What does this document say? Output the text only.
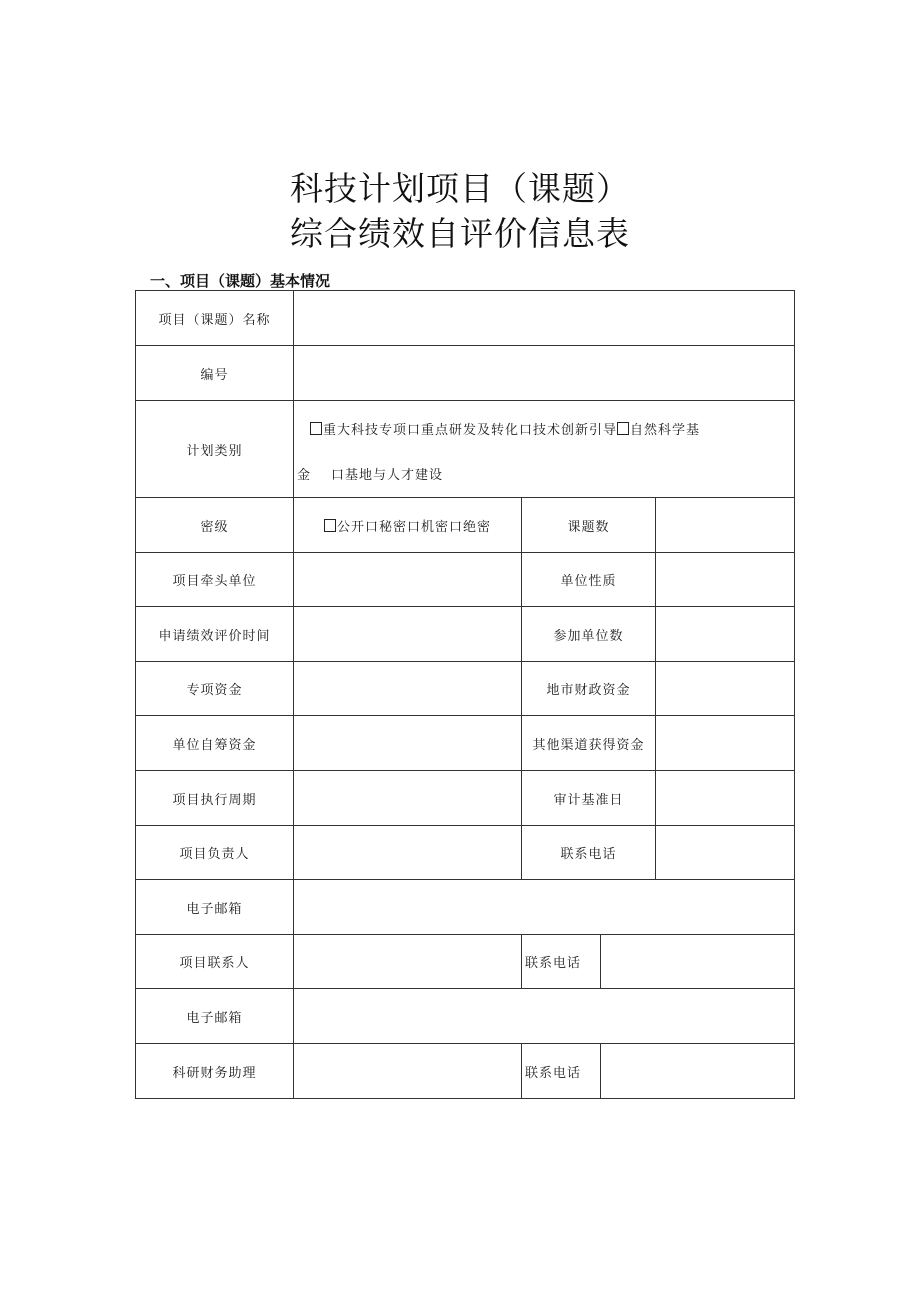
科技计划项目（课题）
综合绩效自评价信息表
一、项目（课题）基本情况
项目（课题）名称				
编号				
计划类别	重大科技专项口重点研发及转化口技术创新引导 自然科学基
金 口基地与人才建设			

密级	公开口秘密口机密口绝密	课题数		
项目牵头单位		单位性质		
申请绩效评价时间		参加单位数		
专项资金		地市财政资金		
单位自筹资金		其他渠道获得资金		
项目执行周期		审计基准日		
项目负责人		联系电话		
电子邮箱				
项目联系人		联系电话		
电子邮箱				
科研财务助理		联系电话		
